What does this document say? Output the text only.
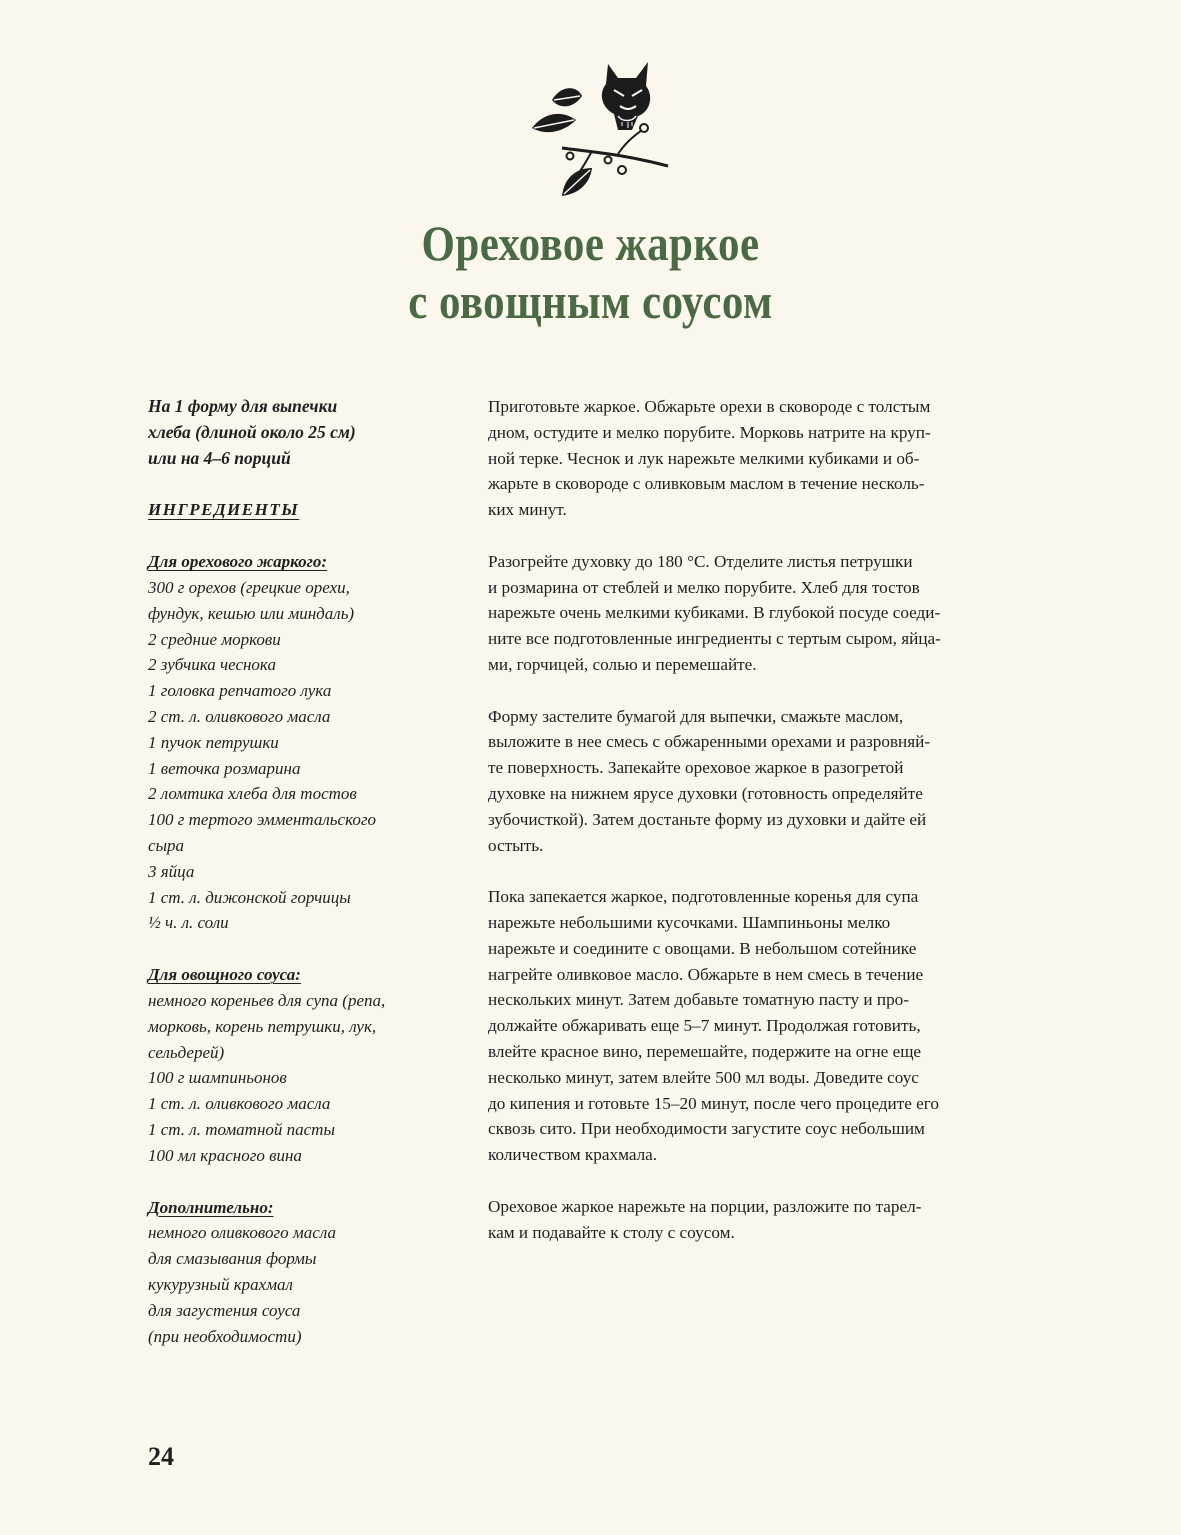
Ореховое жаркое
с овощным соусом

На 1 форму для выпечки

хлеба (длиной около 25 см)

или на 4–6 порций

ИНГРЕДИЕНТЫ

Для орехового жаркого:

300 г орехов (грецкие орехи,

фундук, кешью или миндаль)

2 средние моркови

2 зубчика чеснока

1 головка репчатого лука

2 ст. л. оливкового масла

1 пучок петрушки

1 веточка розмарина

2 ломтика хлеба для тостов

100 г тертого эмментальского

сыра

3 яйца

1 ст. л. дижонской горчицы

½ ч. л. соли

Для овощного соуса:

немного кореньев для супа (репа,

морковь, корень петрушки, лук,

сельдерей)

100 г шампиньонов

1 ст. л. оливкового масла

1 ст. л. томатной пасты

100 мл красного вина

Дополнительно:

немного оливкового масла

для смазывания формы

кукурузный крахмал

для загустения соуса

(при необходимости)

Приготовьте жаркое. Обжарьте орехи в сковороде с толстым

дном, остудите и мелко порубите. Морковь натрите на круп-

ной терке. Чеснок и лук нарежьте мелкими кубиками и об-

жарьте в сковороде с оливковым маслом в течение несколь-

ких минут.

Разогрейте духовку до 180 °C. Отделите листья петрушки

и розмарина от стеблей и мелко порубите. Хлеб для тостов

нарежьте очень мелкими кубиками. В глубокой посуде соеди-

ните все подготовленные ингредиенты с тертым сыром, яйца-

ми, горчицей, солью и перемешайте.

Форму застелите бумагой для выпечки, смажьте маслом,

выложите в нее смесь с обжаренными орехами и разровняй-

те поверхность. Запекайте ореховое жаркое в разогретой

духовке на нижнем ярусе духовки (готовность определяйте

зубочисткой). Затем достаньте форму из духовки и дайте ей

остыть.

Пока запекается жаркое, подготовленные коренья для супа

нарежьте небольшими кусочками. Шампиньоны мелко

нарежьте и соедините с овощами. В небольшом сотейнике

нагрейте оливковое масло. Обжарьте в нем смесь в течение

нескольких минут. Затем добавьте томатную пасту и про-

должайте обжаривать еще 5–7 минут. Продолжая готовить,

влейте красное вино, перемешайте, подержите на огне еще

несколько минут, затем влейте 500 мл воды. Доведите соус

до кипения и готовьте 15–20 минут, после чего процедите его

сквозь сито. При необходимости загустите соус небольшим

количеством крахмала.

Ореховое жаркое нарежьте на порции, разложите по тарел-

кам и подавайте к столу с соусом.

24
